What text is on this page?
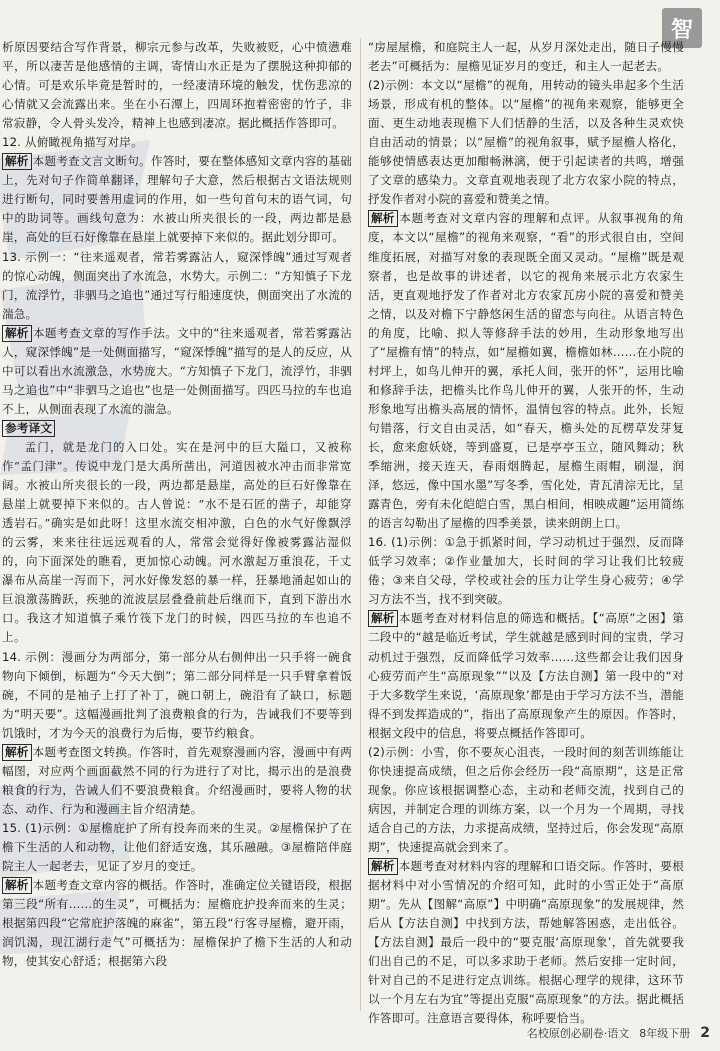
智

析原因要结合写作背景，柳宗元参与改革，失败被贬，心中愤懑难平，所以凄苦是他感情的主调，寄情山水正是为了摆脱这种抑郁的心情。可是欢乐毕竟是暂时的，一经凄清环境的触发，忧伤悲凉的心情就又会流露出来。坐在小石潭上，四周环抱着密密的竹子，非常寂静，令人骨头发冷，精神上也感到凄凉。据此概括作答即可。

12. 从俯瞰视角描写对岸。

解析 本题考查文言文断句。作答时，要在整体感知文章内容的基础上，先对句子作简单翻译，理解句子大意，然后根据古文语法规则进行断句，同时要善用虚词的作用，如一些句首句末的语气词，句中的助词等。画线句意为：水被山所夹很长的一段，两边都是悬崖，高处的巨石好像靠在悬崖上就要掉下来似的。据此划分即可。

13. 示例一：“往来遥观者，常若雾露沾人，窥深悸魄”通过写观者的惊心动魄，侧面突出了水流急，水势大。示例二：“方知慎子下龙门，流浮竹，非驷马之追也”通过写行船速度快，侧面突出了水流的湍急。

解析 本题考查文章的写作手法。文中的“往来遥观者，常若雾露沾人，窥深悸魄”是一处侧面描写，“窥深悸魄”描写的是人的反应，从中可以看出水流激急，水势庞大。“方知慎子下龙门，流浮竹，非驷马之追也”中“非驷马之追也”也是一处侧面描写。四匹马拉的车也追不上，从侧面表现了水流的湍急。

参考译文

孟门，就是龙门的入口处。实在是河中的巨大隘口，又被称作“孟门津”。传说中龙门是大禹所凿出，河道因被水冲击而非常宽阔。水被山所夹很长的一段，两边都是悬崖，高处的巨石好像靠在悬崖上就要掉下来似的。古人曾说：“水不是石匠的凿子，却能穿透岩石。”确实是如此呀！这里水流交相冲激，白色的水气好像飘浮的云雾，来来往往远远观看的人，常常会觉得好像被雾露沾湿似的，向下面深处的瞧看，更加惊心动魄。河水激起万重浪花，千丈瀑布从高崖一泻而下，河水好像发怒的暴一样，狂暴地涌起如山的巨浪激荡腾跃，疾驰的流波层层叠叠前赴后继而下，直到下游出水口。我这才知道慎子乘竹筏下龙门的时候，四匹马拉的车也追不上。

14. 示例：漫画分为两部分，第一部分从右侧伸出一只手将一碗食物向下倾倒，标题为“今天大倒”；第二部分同样是一只手臂拿着饭碗，不同的是袖子上打了补丁，碗口朝上，碗沿有了缺口，标题为“明天要”。这幅漫画批判了浪费粮食的行为，告诫我们不要等到饥饿时，才为今天的浪费行为后悔，要节约粮食。

解析 本题考查图文转换。作答时，首先观察漫画内容，漫画中有两幅图，对应两个画面截然不同的行为进行了对比，揭示出的是浪费粮食的行为，告诫人们不要浪费粮食。介绍漫画时，要将人物的状态、动作、行为和漫画主旨介绍清楚。

15. (1)示例：①屋檐庇护了所有投奔而来的生灵。②屋檐保护了在檐下生活的人和动物，让他们舒适安逸，其乐融融。③屋檐陪伴庭院主人一起老去，见证了岁月的变迁。

解析 本题考查文章内容的概括。作答时，准确定位关键语段，根据第三段“所有……的生灵”，可概括为：屋檐庇护投奔而来的生灵；根据第四段“它常庇护落魄的麻雀”，第五段“行客寻屋檐，避开雨，润饥渴，现江湖行走气”可概括为：屋檐保护了檐下生活的人和动物，使其安心舒适；根据第六段

“房屋屋檐，和庭院主人一起，从岁月深处走出，随日子慢慢老去”可概括为：屋檐见证岁月的变迁，和主人一起老去。

(2)示例：本文以“屋檐”的视角，用转动的镜头串起多个生活场景，形成有机的整体。以“屋檐”的视角来观察，能够更全面、更生动地表现檐下人们恬静的生活，以及各种生灵欢快自由活动的情景；以“屋檐”的视角叙事，赋予屋檐人格化，能够使情感表达更加酣畅淋漓，便于引起读者的共鸣，增强了文章的感染力。文章直观地表现了北方农家小院的特点，抒发作者对小院的喜爱和赞美之情。

解析 本题考查对文章内容的理解和点评。从叙事视角的角度，本文以“屋檐”的视角来观察，“看”的形式很自由，空间维度拓展，对描写对象的表现既全面又灵动。“屋檐”既是观察者，也是故事的讲述者，以它的视角来展示北方农家生活，更直观地抒发了作者对北方农家瓦房小院的喜爱和赞美之情，以及对檐下宁静悠闲生活的留恋与向往。从语言特色的角度，比喻、拟人等修辞手法的妙用，生动形象地写出了“屋檐有情”的特点，如“屋檐如翼，檐檐如林……在小院的村坪上，如鸟儿伸开的翼，承托人间，张开的怀”，运用比喻和修辞手法，把檐头比作鸟儿伸开的翼，人张开的怀，生动形象地写出檐头高展的情怀，温情包容的特点。此外，长短句错落，行文自由灵活，如“春天，檐头处的瓦楞草发芽复长，愈来愈妖娆，等到盛夏，已是亭亭玉立，随风舞动；秋季缩洲，接天连天，春雨烟腾起，屋檐生雨帽，刷湿，润泽，悠远，像中国水墨”写冬季，雪化处，青瓦清淙无比，呈露青色，旁有未化皑皑白雪，黑白相间，相映成趣”运用简练的语言勾勒出了屋檐的四季美景，读来朗朗上口。

16. (1)示例：①急于抓紧时间，学习动机过于强烈，反而降低学习效率；②作业量加大，长时间的学习让我们比较疲倦；③来自父母，学校或社会的压力让学生身心疲劳；④学习方法不当，找不到突破。

解析 本题考查对材料信息的筛选和概括。【“高原”之困】第二段中的“越是临近考试，学生就越是感到时间的宝贵，学习动机过于强烈，反而降低学习效率……这些都会让我们因身心疲劳而产生“高原现象””以及【方法自测】第一段中的“对于大多数学生来说，‘高原现象’都是由于学习方法不当，潜能得不到发挥造成的”，指出了高原现象产生的原因。作答时，根据文段中的信息，将要点概括作答即可。

(2)示例：小雪，你不要灰心沮丧，一段时间的刻苦训练能让你快速提高成绩，但之后你会经历一段“高原期”，这是正常现象。你应该根据调整心态，主动和老师交流，找到自己的病因，并制定合理的训练方案，以一个月为一个周期，寻找适合自己的方法，力求提高成绩，坚持过后，你会发现“高原期”，快速提高就会到来了。

解析 本题考查对材料内容的理解和口语交际。作答时，要根据材料中对小雪情况的介绍可知，此时的小雪正处于“高原期”。先从【图解“高原”】中明确“高原现象”的发展规律，然后从【方法自测】中找到方法，帮她解答困惑，走出低谷。【方法自测】最后一段中的“要克服‘高原现象’，首先就要我们出自己的不足，可以多求助于老师。然后安排一定时间，针对自己的不足进行定点训练。根据心理学的规律，这环节以一个月左右为宜”等提出克服“高原现象”的方法。据此概括作答即可。注意语言要得体，称呼要恰当。

名校原创必刷卷·语文 8年级下册 2
